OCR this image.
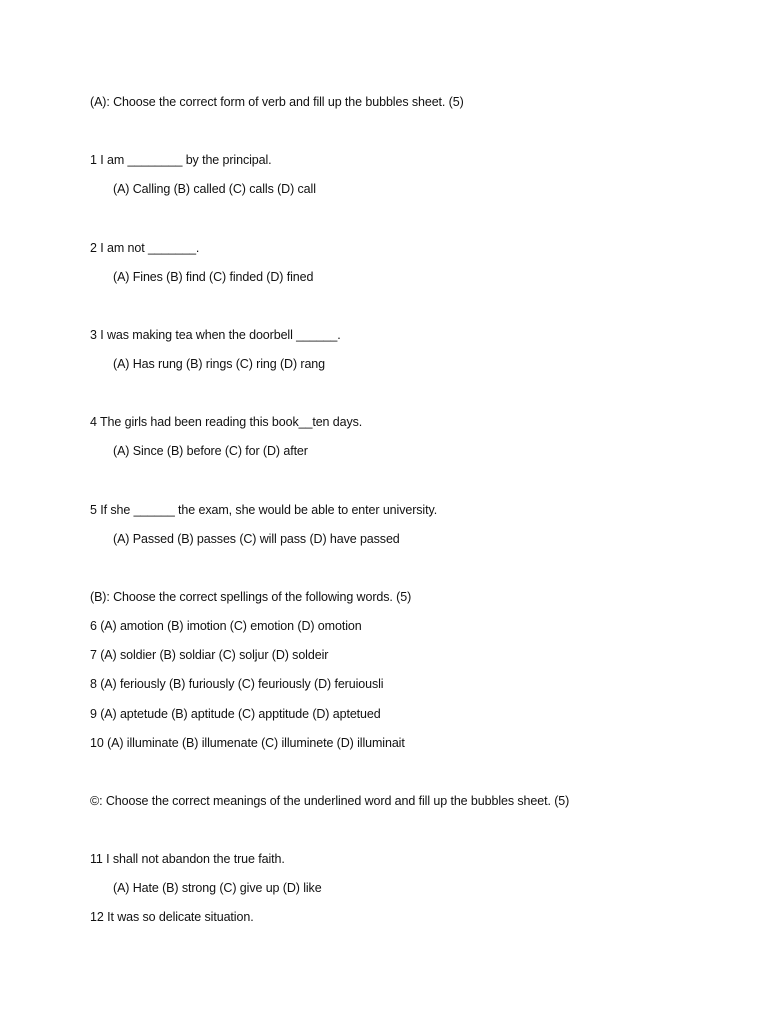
(A): Choose the correct form of verb and fill up the bubbles sheet. (5)
1 I am ________ by the principal.
(A) Calling (B) called (C) calls (D) call
2 I am not _______.
(A) Fines (B) find (C) finded (D) fined
3 I was making tea when the doorbell ______.
(A) Has rung (B) rings (C) ring (D) rang
4 The girls had been reading this book__ten days.
(A) Since (B) before (C) for (D) after
5 If she ______ the exam, she would be able to enter university.
(A) Passed (B) passes (C) will pass (D) have passed
(B): Choose the correct spellings of the following words. (5)
6 (A) amotion (B) imotion (C) emotion (D) omotion
7 (A) soldier (B) soldiar (C) soljur (D) soldeir
8 (A) feriously (B) furiously (C) feuriously (D) feruiousli
9 (A) aptetude (B) aptitude (C) apptitude (D) aptetued
10 (A) illuminate (B) illumenate (C) illuminete (D) illuminait
©: Choose the correct meanings of the underlined word and fill up the bubbles sheet. (5)
11 I shall not abandon the true faith.
(A) Hate (B) strong (C) give up (D) like
12 It was so delicate situation.
